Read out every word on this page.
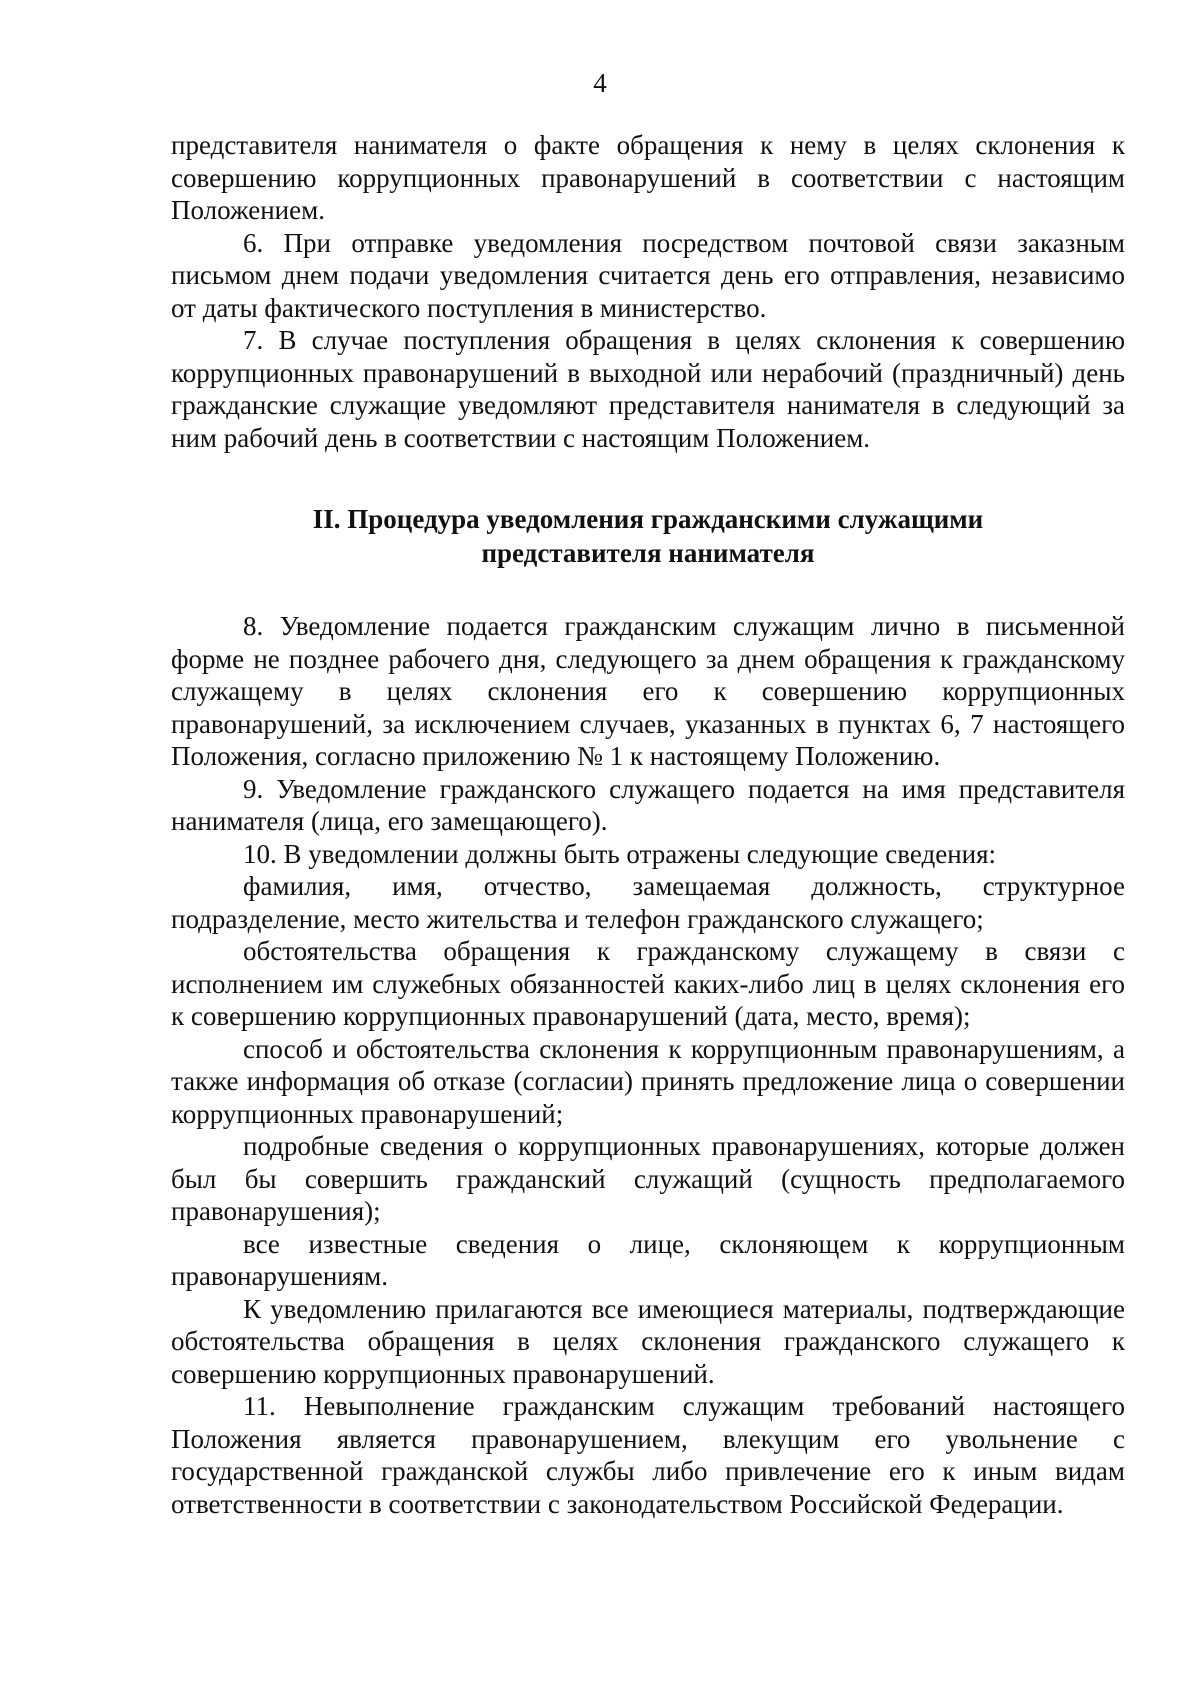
4

представителя нанимателя о факте обращения к нему в целях склонения к совершению коррупционных правонарушений в соответствии с настоящим Положением.

6. При отправке уведомления посредством почтовой связи заказным письмом днем подачи уведомления считается день его отправления, независимо от даты фактического поступления в министерство.

7. В случае поступления обращения в целях склонения к совершению коррупционных правонарушений в выходной или нерабочий (праздничный) день гражданские служащие уведомляют представителя нанимателя в следующий за ним рабочий день в соответствии с настоящим Положением.

II. Процедура уведомления гражданскими служащими
представителя нанимателя

8. Уведомление подается гражданским служащим лично в письменной форме не позднее рабочего дня, следующего за днем обращения к гражданскому служащему в целях склонения его к совершению коррупционных правонарушений, за исключением случаев, указанных в пунктах 6, 7 настоящего Положения, согласно приложению № 1 к настоящему Положению.

9. Уведомление гражданского служащего подается на имя представителя нанимателя (лица, его замещающего).

10. В уведомлении должны быть отражены следующие сведения:

фамилия, имя, отчество, замещаемая должность, структурное подразделение, место жительства и телефон гражданского служащего;

обстоятельства обращения к гражданскому служащему в связи с исполнением им служебных обязанностей каких-либо лиц в целях склонения его к совершению коррупционных правонарушений (дата, место, время);

способ и обстоятельства склонения к коррупционным правонарушениям, а также информация об отказе (согласии) принять предложение лица о совершении коррупционных правонарушений;

подробные сведения о коррупционных правонарушениях, которые должен был бы совершить гражданский служащий (сущность предполагаемого правонарушения);

все известные сведения о лице, склоняющем к коррупционным правонарушениям.

К уведомлению прилагаются все имеющиеся материалы, подтверждающие обстоятельства обращения в целях склонения гражданского служащего к совершению коррупционных правонарушений.

11. Невыполнение гражданским служащим требований настоящего Положения является правонарушением, влекущим его увольнение с государственной гражданской службы либо привлечение его к иным видам ответственности в соответствии с законодательством Российской Федерации.
